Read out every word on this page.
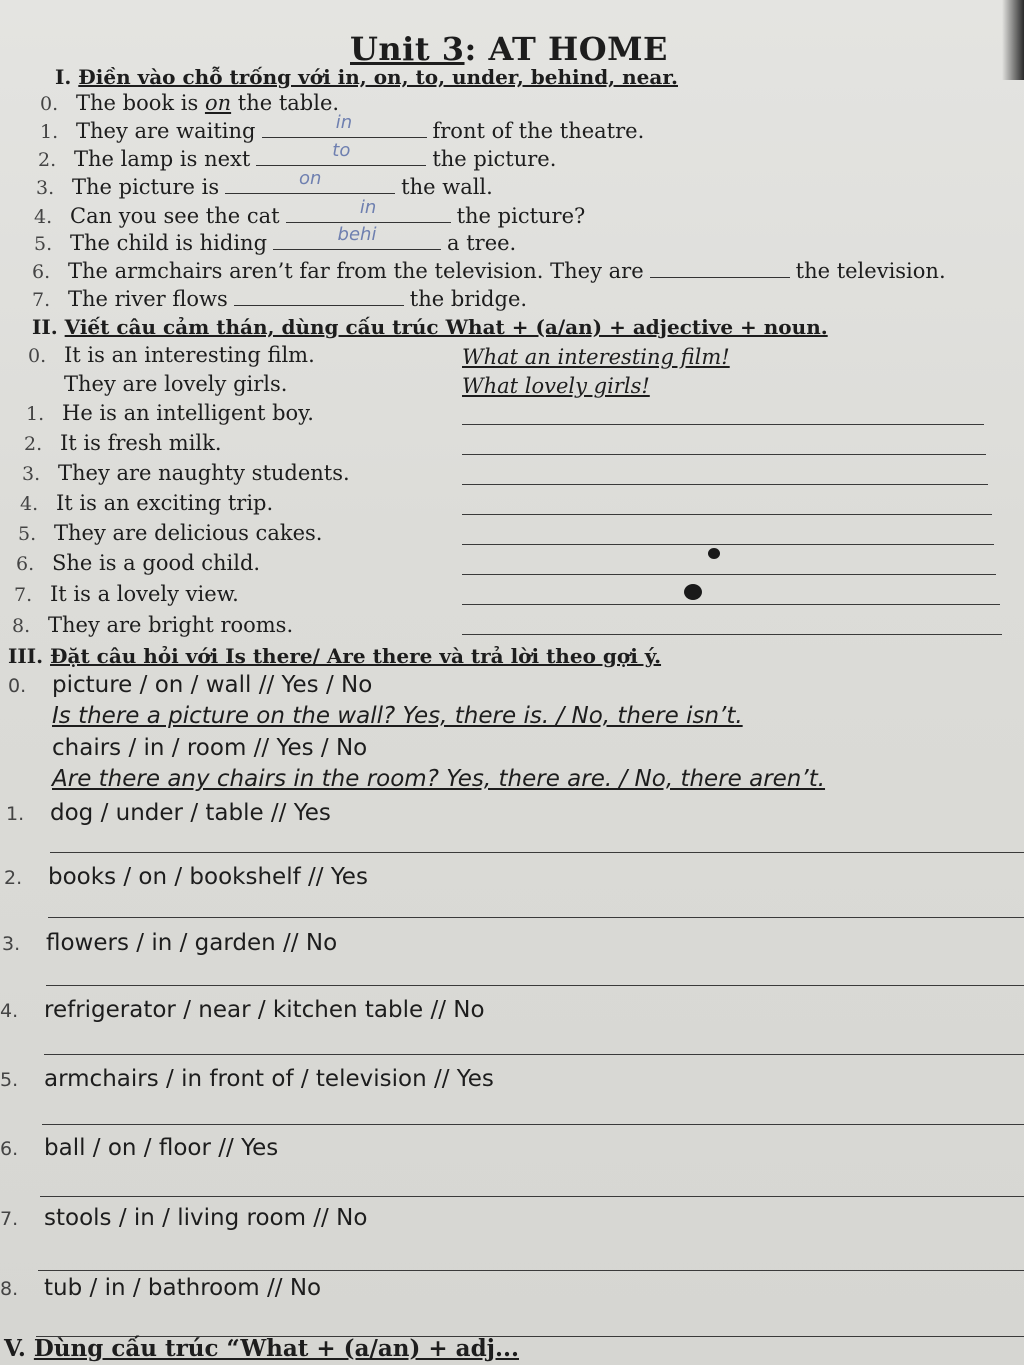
Unit 3: AT HOME
I. Điền vào chỗ trống với in, on, to, under, behind, near.
0. The book is on the table.
1. They are waiting	in	front of the theatre.
2. The lamp is next	to	the picture.
3. The picture is	on	the wall.
4. Can you see the cat	in	the picture?
5. The child is hiding	behi	a tree.
6. The armchairs aren’t far from the television. They are	the television.
7. The river flows	the bridge.
II. Viết câu cảm thán, dùng cấu trúc What + (a/an) + adjective + noun.
0. It is an interesting film.	What an interesting film!
They are lovely girls.	What lovely girls!
1. He is an intelligent boy.
2. It is fresh milk.
3. They are naughty students.
4. It is an exciting trip.
5. They are delicious cakes.
6. She is a good child.
7. It is a lovely view.
8. They are bright rooms.
III. Đặt câu hỏi với Is there/ Are there và trả lời theo gợi ý.
0. picture / on / wall // Yes / No
Is there a picture on the wall? Yes, there is. / No, there isn’t.
chairs / in / room // Yes / No
Are there any chairs in the room? Yes, there are. / No, there aren’t.
1. dog / under / table // Yes
2. books / on / bookshelf // Yes
3. flowers / in / garden // No
4. refrigerator / near / kitchen table // No
5. armchairs / in front of / television // Yes
6. ball / on / floor // Yes
7. stools / in / living room // No
8. tub / in / bathroom // No
V. Dùng cấu trúc “What + (a/an) + adj...
